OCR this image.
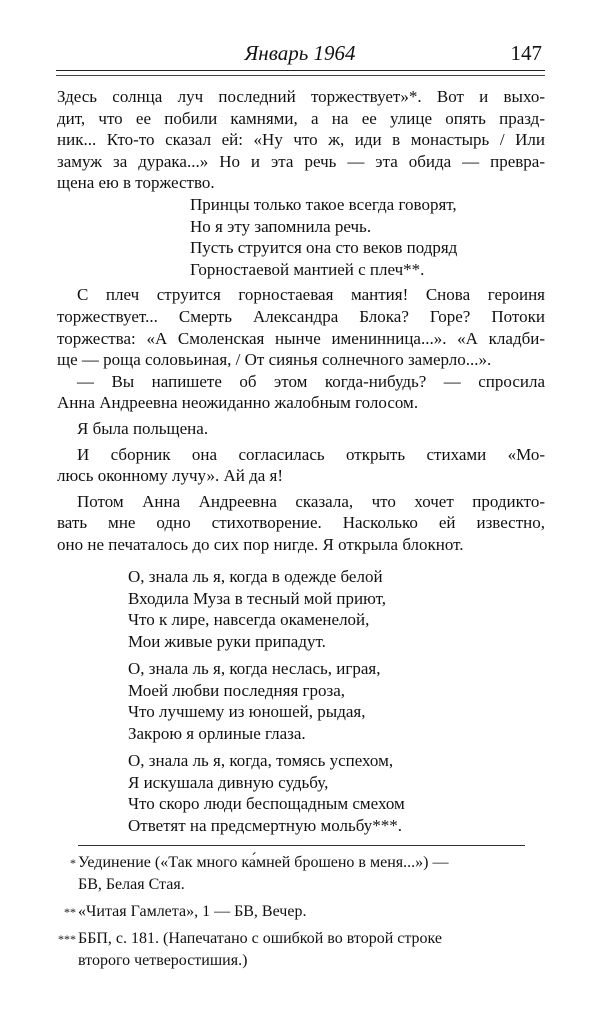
Январь 1964	147
Здесь солнца луч последний торжествует»*. Вот и выхо-
дит, что ее побили камнями, а на ее улице опять празд-
ник... Кто-то сказал ей: «Ну что ж, иди в монастырь / Или
замуж за дурака...» Но и эта речь — эта обида — превра-
щена ею в торжество.
Принцы только такое всегда говорят,
Но я эту запомнила речь.
Пусть струится она сто веков подряд
Горностаевой мантией с плеч**.
С плеч струится горностаевая мантия! Снова героиня
торжествует... Смерть Александра Блока? Горе? Потоки
торжества: «А Смоленская нынче именинница...». «А кладби-
ще — роща соловьиная, / От сиянья солнечного замерло...».
— Вы напишете об этом когда-нибудь? — спросила
Анна Андреевна неожиданно жалобным голосом.
Я была польщена.
И сборник она согласилась открыть стихами «Мо-
люсь оконному лучу». Ай да я!
Потом Анна Андреевна сказала, что хочет продикто-
вать мне одно стихотворение. Насколько ей известно,
оно не печаталось до сих пор нигде. Я открыла блокнот.
О, знала ль я, когда в одежде белой
Входила Муза в тесный мой приют,
Что к лире, навсегда окаменелой,
Мои живые руки припадут.
О, знала ль я, когда неслась, играя,
Моей любви последняя гроза,
Что лучшему из юношей, рыдая,
Закрою я орлиные глаза.
О, знала ль я, когда, томясь успехом,
Я искушала дивную судьбу,
Что скоро люди беспощадным смехом
Ответят на предсмертную мольбу***.
* Уединение («Так много ка́мней брошено в меня...») —
БВ, Белая Стая.
** «Читая Гамлета», 1 — БВ, Вечер.
*** ББП, с. 181. (Напечатано с ошибкой во второй строке
второго четверостишия.)
